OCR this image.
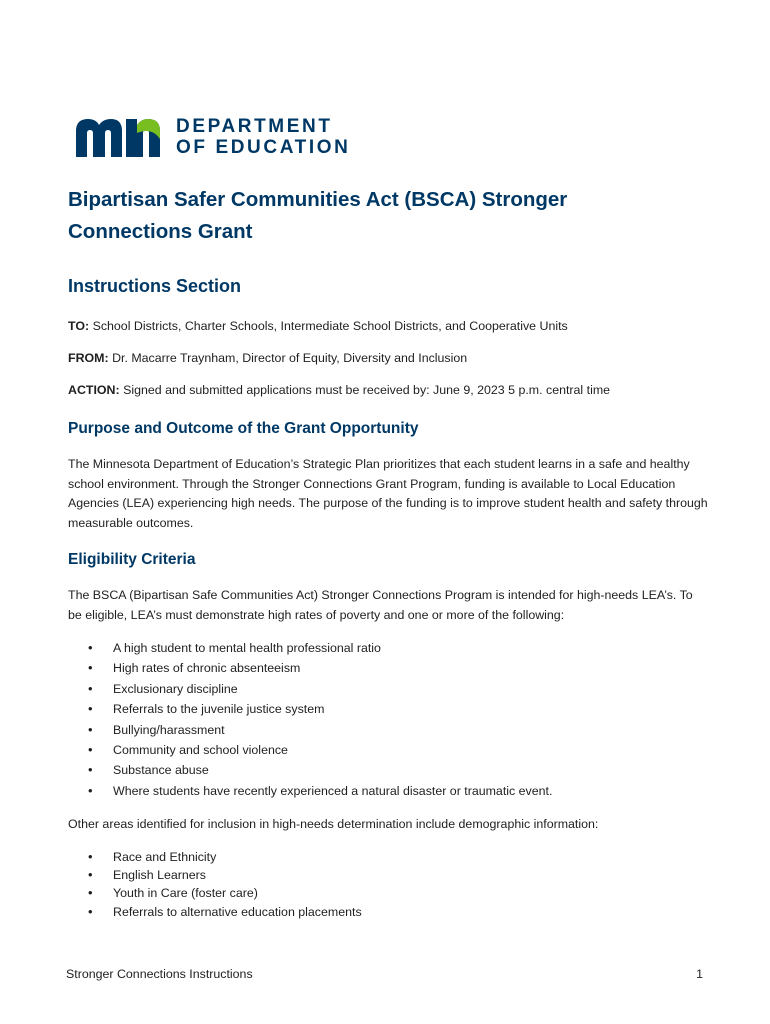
DEPARTMENT
OF EDUCATION
Bipartisan Safer Communities Act (BSCA) Stronger Connections Grant
Instructions Section

TO: School Districts, Charter Schools, Intermediate School Districts, and Cooperative Units

FROM: Dr. Macarre Traynham, Director of Equity, Diversity and Inclusion

ACTION: Signed and submitted applications must be received by: June 9, 2023 5 p.m. central time

Purpose and Outcome of the Grant Opportunity

The Minnesota Department of Education’s Strategic Plan prioritizes that each student learns in a safe and healthy school environment. Through the Stronger Connections Grant Program, funding is available to Local Education Agencies (LEA) experiencing high needs. The purpose of the funding is to improve student health and safety through measurable outcomes.

Eligibility Criteria

The BSCA (Bipartisan Safe Communities Act) Stronger Connections Program is intended for high-needs LEA’s. To be eligible, LEA’s must demonstrate high rates of poverty and one or more of the following:

• A high student to mental health professional ratio
• High rates of chronic absenteeism
• Exclusionary discipline
• Referrals to the juvenile justice system
• Bullying/harassment
• Community and school violence
• Substance abuse
• Where students have recently experienced a natural disaster or traumatic event.

Other areas identified for inclusion in high-needs determination include demographic information:

• Race and Ethnicity
• English Learners
• Youth in Care (foster care)
• Referrals to alternative education placements
Stronger Connections Instructions	1
